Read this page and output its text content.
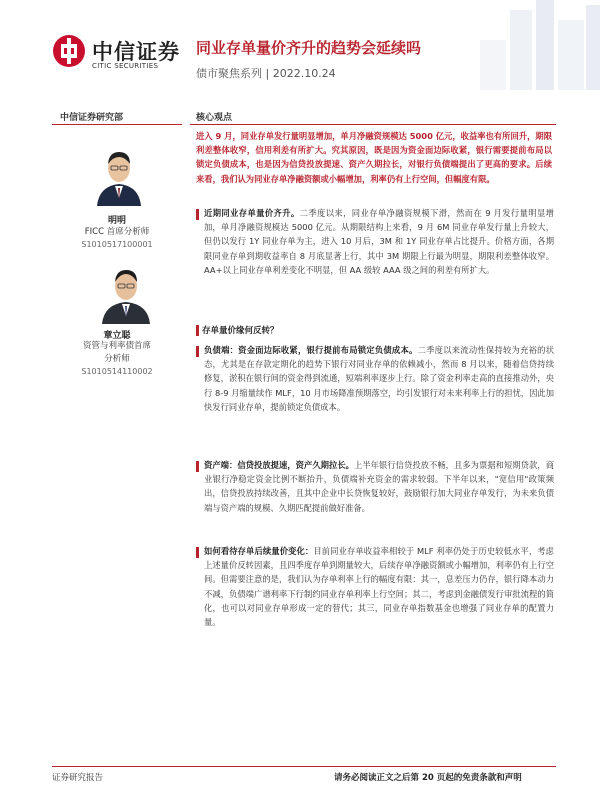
中信证券
CITIC SECURITIES
同业存单量价齐升的趋势会延续吗
债市聚焦系列 | 2022.10.24
中信证券研究部
明明
FICC 首席分析师
S1010517100001
章立聪
资管与利率债首席
分析师
S1010514110002
核心观点
进入 9 月，同业存单发行量明显增加，单月净融资规模达 5000 亿元，收益率也有所回升，期限利差整体收窄，信用利差有所扩大。究其原因，既是因为资金面边际收紧，银行需要提前布局以锁定负债成本，也是因为信贷投放提速、资产久期拉长，对银行负债端提出了更高的要求。后续来看，我们认为同业存单净融资额或小幅增加，利率仍有上行空间，但幅度有限。
近期同业存单量价齐升。二季度以来，同业存单净融资规模下滑，然而在 9 月发行量明显增加，单月净融资规模达 5000 亿元。从期限结构上来看，9 月 6M 同业存单发行量上升较大，但仍以发行 1Y 同业存单为主，进入 10 月后，3M 和 1Y 同业存单占比提升。价格方面，各期限同业存单到期收益率自 8 月底显著上行，其中 3M 期限上行最为明显，期限利差整体收窄。AA+以上同业存单利差变化不明显，但 AA 级较 AAA 级之间的利差有所扩大。
存单量价缘何反转？
负债端：资金面边际收紧，银行提前布局锁定负债成本。二季度以来流动性保持较为充裕的状态，尤其是在存款定期化的趋势下银行对同业存单的依赖减小，然而 8 月以来，随着信贷持续修复，淤积在银行间的资金得到流通，短端利率逐步上行。除了资金利率走高的直接推动外，央行 8-9 月缩量续作 MLF，10 月市场降准预期落空，均引发银行对未来利率上行的担忧，因此加快发行同业存单，提前锁定负债成本。
资产端：信贷投放提速，资产久期拉长。上半年银行信贷投放不畅，且多为票据和短期贷款，商业银行净稳定资金比例不断抬升，负债端补充资金的需求较弱。下半年以来，"宽信用"政策频出，信贷投放持续改善，且其中企业中长贷恢复较好，鼓励银行加大同业存单发行，为未来负债端与资产端的规模、久期匹配提前做好准备。
如何看待存单后续量价变化：目前同业存单收益率相较于 MLF 利率仍处于历史较低水平，考虑上述量价反转因素，且四季度存单到期量较大，后续存单净融资额或小幅增加，利率仍有上行空间。但需要注意的是，我们认为存单利率上行的幅度有限：其一，息差压力仍存，银行降本动力不减，负债端广谱利率下行制约同业存单利率上行空间；其二，考虑到金融债发行审批流程的简化，也可以对同业存单形成一定的替代；其三，同业存单指数基金也增强了同业存单的配置力量。
证券研究报告	请务必阅读正文之后第 20 页起的免责条款和声明
